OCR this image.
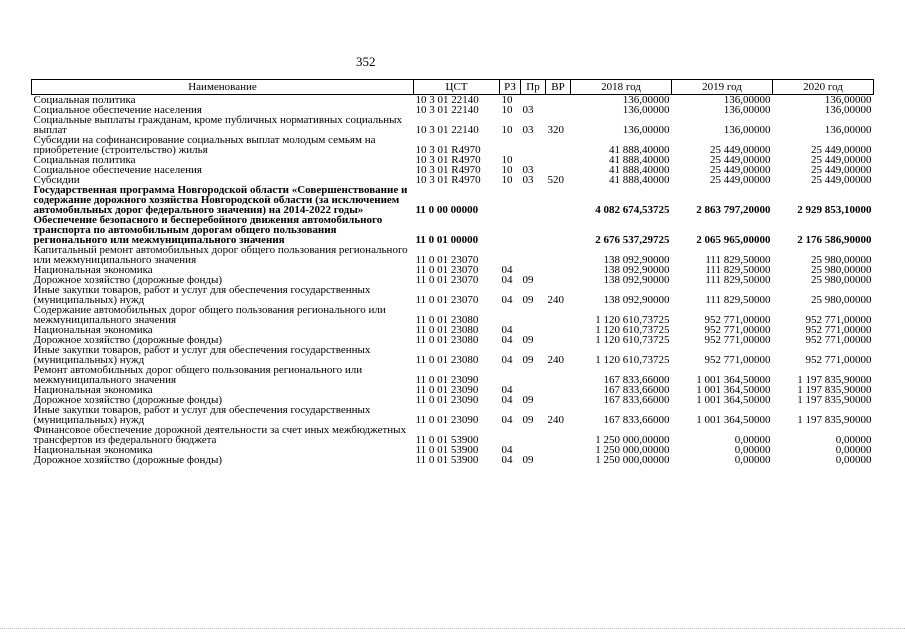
352
Наименование	ЦСТ	РЗ	Пр	ВР	2018 год	2019 год	2020 год
Социальная политика	10 3 01 22140	10			136,00000	136,00000	136,00000
Социальное обеспечение населения	10 3 01 22140	10	03		136,00000	136,00000	136,00000
Социальные выплаты гражданам, кроме публичных нормативных социальных выплат	10 3 01 22140	10	03	320	136,00000	136,00000	136,00000
Субсидии на софинансирование социальных выплат молодым семьям на приобретение (строительство) жилья	10 3 01 R4970				41 888,40000	25 449,00000	25 449,00000
Социальная политика	10 3 01 R4970	10			41 888,40000	25 449,00000	25 449,00000
Социальное обеспечение населения	10 3 01 R4970	10	03		41 888,40000	25 449,00000	25 449,00000
Субсидии	10 3 01 R4970	10	03	520	41 888,40000	25 449,00000	25 449,00000
Государственная программа Новгородской области «Совершенствование и содержание дорожного хозяйства Новгородской области (за исключением автомобильных дорог федерального значения) на 2014-2022 годы»	11 0 00 00000				4 082 674,53725	2 863 797,20000	2 929 853,10000
Обеспечение безопасного и бесперебойного движения автомобильного транспорта по автомобильным дорогам общего пользования регионального или межмуниципального значения	11 0 01 00000				2 676 537,29725	2 065 965,00000	2 176 586,90000
Капитальный ремонт автомобильных дорог общего пользования регионального или межмуниципального значения	11 0 01 23070				138 092,90000	111 829,50000	25 980,00000
Национальная экономика	11 0 01 23070	04			138 092,90000	111 829,50000	25 980,00000
Дорожное хозяйство (дорожные фонды)	11 0 01 23070	04	09		138 092,90000	111 829,50000	25 980,00000
Иные закупки товаров, работ и услуг для обеспечения государственных (муниципальных) нужд	11 0 01 23070	04	09	240	138 092,90000	111 829,50000	25 980,00000
Содержание автомобильных дорог общего пользования регионального или межмуниципального значения	11 0 01 23080				1 120 610,73725	952 771,00000	952 771,00000
Национальная экономика	11 0 01 23080	04			1 120 610,73725	952 771,00000	952 771,00000
Дорожное хозяйство (дорожные фонды)	11 0 01 23080	04	09		1 120 610,73725	952 771,00000	952 771,00000
Иные закупки товаров, работ и услуг для обеспечения государственных (муниципальных) нужд	11 0 01 23080	04	09	240	1 120 610,73725	952 771,00000	952 771,00000
Ремонт автомобильных дорог общего пользования регионального или межмуниципального значения	11 0 01 23090				167 833,66000	1 001 364,50000	1 197 835,90000
Национальная экономика	11 0 01 23090	04			167 833,66000	1 001 364,50000	1 197 835,90000
Дорожное хозяйство (дорожные фонды)	11 0 01 23090	04	09		167 833,66000	1 001 364,50000	1 197 835,90000
Иные закупки товаров, работ и услуг для обеспечения государственных (муниципальных) нужд	11 0 01 23090	04	09	240	167 833,66000	1 001 364,50000	1 197 835,90000
Финансовое обеспечение дорожной деятельности за счет иных межбюджетных трансфертов из федерального бюджета	11 0 01 53900				1 250 000,00000	0,00000	0,00000
Национальная экономика	11 0 01 53900	04			1 250 000,00000	0,00000	0,00000
Дорожное хозяйство (дорожные фонды)	11 0 01 53900	04	09		1 250 000,00000	0,00000	0,00000
